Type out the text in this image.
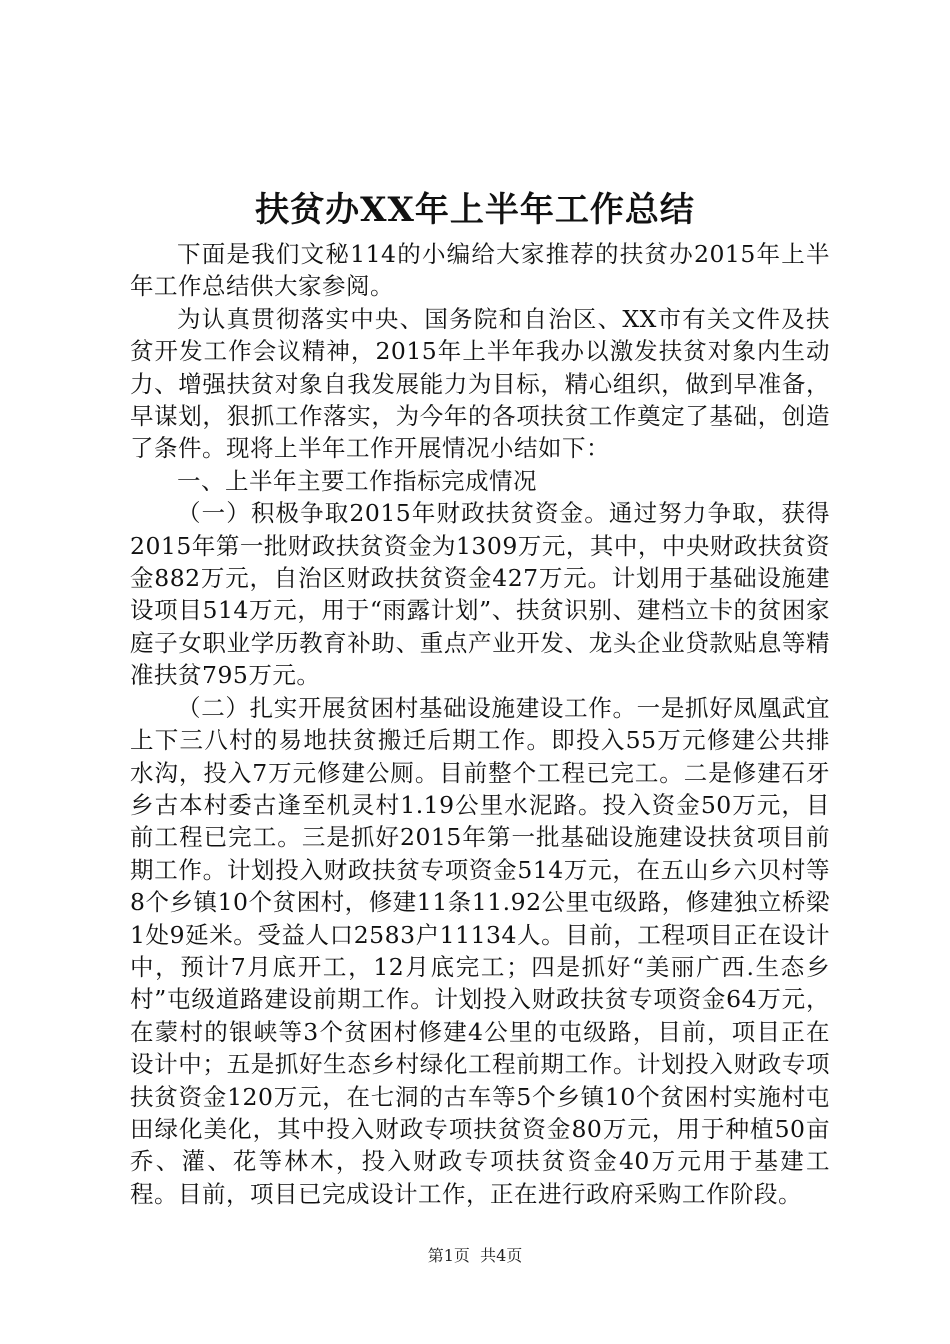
扶贫办XX年上半年工作总结

下面是我们文秘114的小编给大家推荐的扶贫办2015年上半年工作总结供大家参阅。

为认真贯彻落实中央、国务院和自治区、XX市有关文件及扶贫开发工作会议精神，2015年上半年我办以激发扶贫对象内生动力、增强扶贫对象自我发展能力为目标，精心组织，做到早准备，早谋划，狠抓工作落实，为今年的各项扶贫工作奠定了基础，创造了条件。现将上半年工作开展情况小结如下：

一、上半年主要工作指标完成情况

（一）积极争取2015年财政扶贫资金。通过努力争取，获得2015年第一批财政扶贫资金为1309万元，其中，中央财政扶贫资金882万元，自治区财政扶贫资金427万元。计划用于基础设施建设项目514万元，用于“雨露计划”、扶贫识别、建档立卡的贫困家庭子女职业学历教育补助、重点产业开发、龙头企业贷款贴息等精准扶贫795万元。

（二）扎实开展贫困村基础设施建设工作。一是抓好凤凰武宜上下三八村的易地扶贫搬迁后期工作。即投入55万元修建公共排水沟，投入7万元修建公厕。目前整个工程已完工。二是修建石牙乡古本村委古逢至机灵村1.19公里水泥路。投入资金50万元，目前工程已完工。三是抓好2015年第一批基础设施建设扶贫项目前期工作。计划投入财政扶贫专项资金514万元，在五山乡六贝村等8个乡镇10个贫困村，修建11条11.92公里屯级路，修建独立桥梁1处9延米。受益人口2583户11134人。目前，工程项目正在设计中，预计7月底开工，12月底完工；四是抓好“美丽广西.生态乡村”屯级道路建设前期工作。计划投入财政扶贫专项资金64万元，在蒙村的银峡等3个贫困村修建4公里的屯级路，目前，项目正在设计中；五是抓好生态乡村绿化工程前期工作。计划投入财政专项扶贫资金120万元，在七洞的古车等5个乡镇10个贫困村实施村屯田绿化美化，其中投入财政专项扶贫资金80万元，用于种植50亩乔、灌、花等林木，投入财政专项扶贫资金40万元用于基建工程。目前，项目已完成设计工作，正在进行政府采购工作阶段。

第1页 共4页
